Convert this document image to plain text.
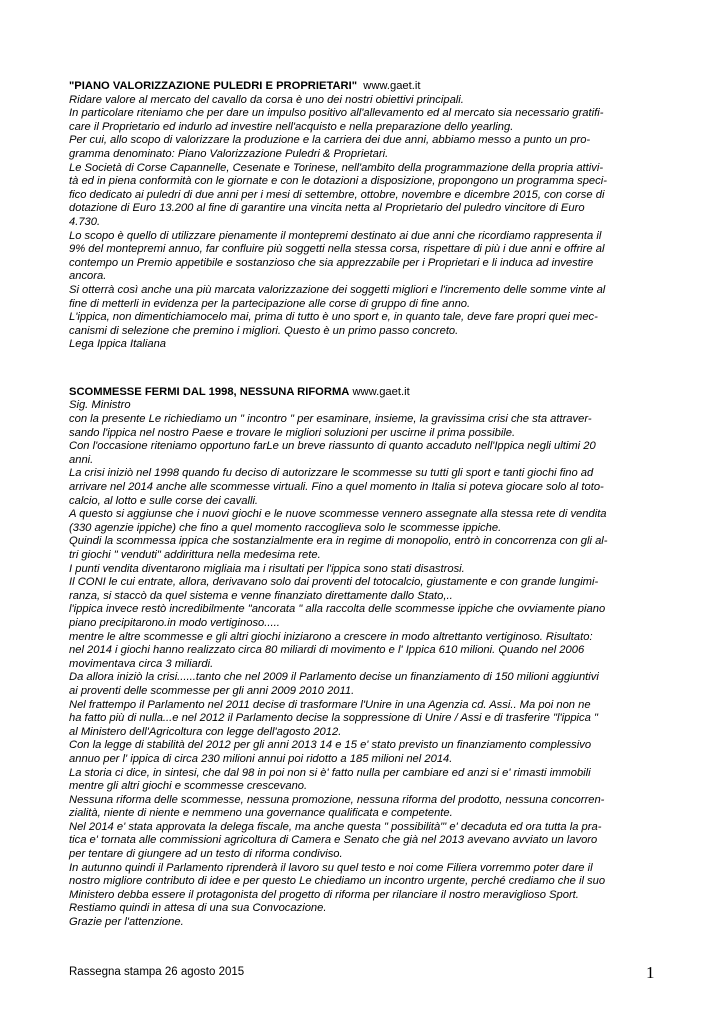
"PIANO VALORIZZAZIONE PULEDRI E PROPRIETARI" www.gaet.it
Ridare valore al mercato del cavallo da corsa è uno dei nostri obiettivi principali.
In particolare riteniamo che per dare un impulso positivo all'allevamento ed al mercato sia necessario gratifi-
care il Proprietario ed indurlo ad investire nell'acquisto e nella preparazione dello yearling.
Per cui, allo scopo di valorizzare la produzione e la carriera dei due anni, abbiamo messo a punto un pro-
gramma denominato: Piano Valorizzazione Puledri & Proprietari.
Le Società di Corse Capannelle, Cesenate e Torinese, nell'ambito della programmazione della propria attivi-
tà ed in piena conformità con le giornate e con le dotazioni a disposizione, propongono un programma speci-
fico dedicato ai puledri di due anni per i mesi di settembre, ottobre, novembre e dicembre 2015, con corse di
dotazione di Euro 13.200 al fine di garantire una vincita netta al Proprietario del puledro vincitore di Euro
4.730.
Lo scopo è quello di utilizzare pienamente il montepremi destinato ai due anni che ricordiamo rappresenta il
9% del montepremi annuo, far confluire più soggetti nella stessa corsa, rispettare di più i due anni e offrire al
contempo un Premio appetibile e sostanzioso che sia apprezzabile per i Proprietari e li induca ad investire
ancora.
Si otterrà così anche una più marcata valorizzazione dei soggetti migliori e l'incremento delle somme vinte al
fine di metterli in evidenza per la partecipazione alle corse di gruppo di fine anno.
L'ippica, non dimentichiamocelo mai, prima di tutto è uno sport e, in quanto tale, deve fare propri quei mec-
canismi di selezione che premino i migliori. Questo è un primo passo concreto.
Lega Ippica Italiana
SCOMMESSE FERMI DAL 1998, NESSUNA RIFORMA www.gaet.it
Sig. Ministro
con la presente Le richiediamo un " incontro " per esaminare, insieme, la gravissima crisi che sta attraver-
sando l'ippica nel nostro Paese e trovare le migliori soluzioni per uscirne il prima possibile.
Con l'occasione riteniamo opportuno farLe un breve riassunto di quanto accaduto nell'Ippica negli ultimi 20
anni.
La crisi iniziò nel 1998 quando fu deciso di autorizzare le scommesse su tutti gli sport e tanti giochi fino ad
arrivare nel 2014 anche alle scommesse virtuali. Fino a quel momento in Italia si poteva giocare solo al toto-
calcio, al lotto e sulle corse dei cavalli.
A questo si aggiunse che i nuovi giochi e le nuove scommesse vennero assegnate alla stessa rete di vendita
(330 agenzie ippiche) che fino a quel momento raccoglieva solo le scommesse ippiche.
Quindi la scommessa ippica che sostanzialmente era in regime di monopolio, entrò in concorrenza con gli al-
tri giochi " venduti" addirittura nella medesima rete.
I punti vendita diventarono migliaia ma i risultati per l'ippica sono stati disastrosi.
Il CONI le cui entrate, allora, derivavano solo dai proventi del totocalcio, giustamente e con grande lungimi-
ranza, si staccò da quel sistema e venne finanziato direttamente dallo Stato,..
l'ippica invece restò incredibilmente "ancorata " alla raccolta delle scommesse ippiche che ovviamente piano
piano precipitarono.in modo vertiginoso.....
mentre le altre scommesse e gli altri giochi iniziarono a crescere in modo altrettanto vertiginoso. Risultato:
nel 2014 i giochi hanno realizzato circa 80 miliardi di movimento e l' Ippica 610 milioni. Quando nel 2006
movimentava circa 3 miliardi.
Da allora iniziò la crisi......tanto che nel 2009 il Parlamento decise un finanziamento di 150 milioni aggiuntivi
ai proventi delle scommesse per gli anni 2009 2010 2011.
Nel frattempo il Parlamento nel 2011 decise di trasformare l'Unire in una Agenzia cd. Assi.. Ma poi non ne
ha fatto più di nulla...e nel 2012 il Parlamento decise la soppressione di Unire / Assi e di trasferire "l'ippica "
al Ministero dell'Agricoltura con legge dell'agosto 2012.
Con la legge di stabilità del 2012 per gli anni 2013 14 e 15 e' stato previsto un finanziamento complessivo
annuo per l' ippica di circa 230 milioni annui poi ridotto a 185 milioni nel 2014.
La storia ci dice, in sintesi, che dal 98 in poi non si è' fatto nulla per cambiare ed anzi si e' rimasti immobili
mentre gli altri giochi e scommesse crescevano.
Nessuna riforma delle scommesse, nessuna promozione, nessuna riforma del prodotto, nessuna concorren-
zialità, niente di niente e nemmeno una governance qualificata e competente.
Nel 2014 e' stata approvata la delega fiscale, ma anche questa " possibilità"' e' decaduta ed ora tutta la pra-
tica e' tornata alle commissioni agricoltura di Camera e Senato che già nel 2013 avevano avviato un lavoro
per tentare di giungere ad un testo di riforma condiviso.
In autunno quindi il Parlamento riprenderà il lavoro su quel testo e noi come Filiera vorremmo poter dare il
nostro migliore contributo di idee e per questo Le chiediamo un incontro urgente, perché crediamo che il suo
Ministero debba essere il protagonista del progetto di riforma per rilanciare il nostro meraviglioso Sport.
Restiamo quindi in attesa di una sua Convocazione.
Grazie per l'attenzione.
Rassegna stampa 26 agosto 2015	1
